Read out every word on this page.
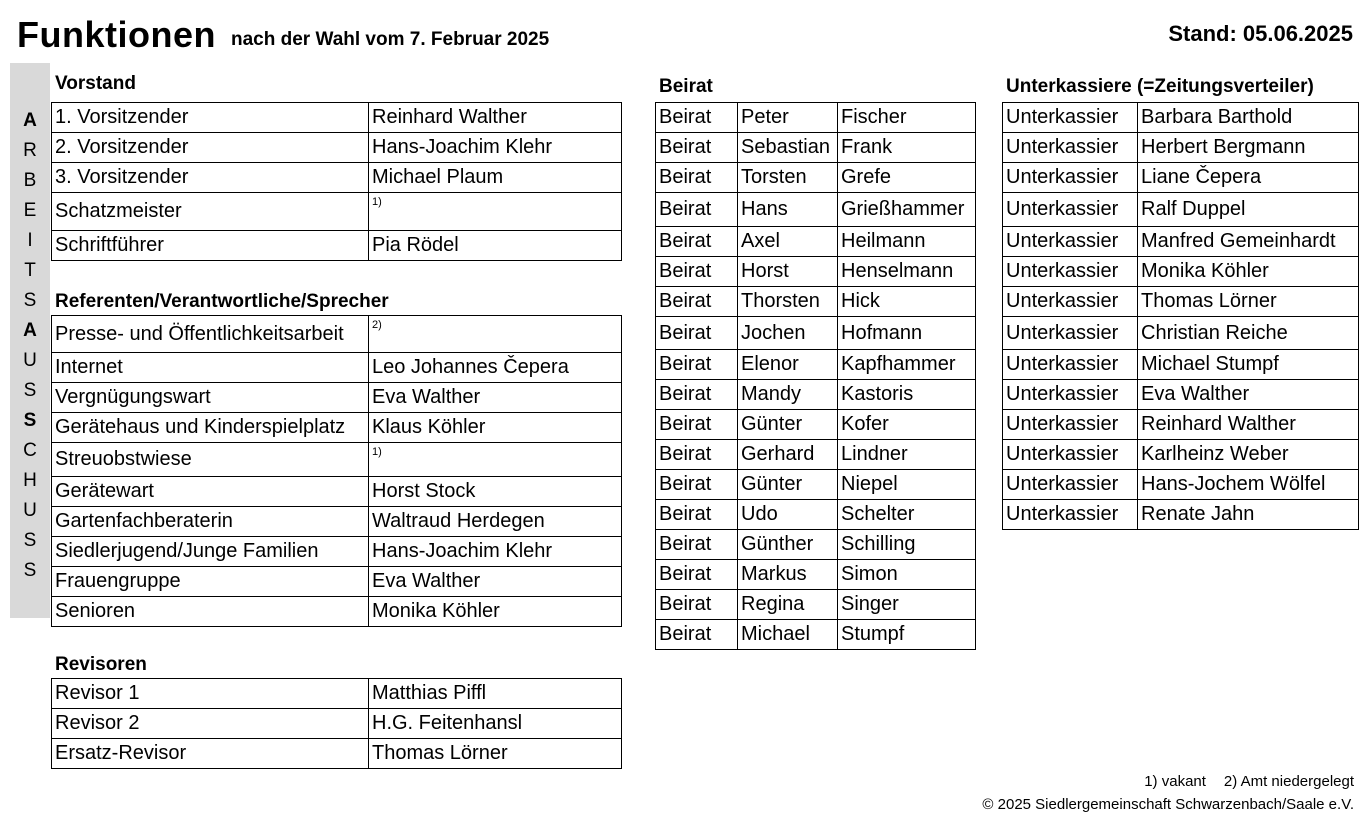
Funktionen nach der Wahl vom 7. Februar 2025	Stand: 05.06.2025
A
R
B
E
I
T
S
A
U
S
S
C
H
U
S
S
Vorstand
1. Vorsitzender	Reinhard Walther
2. Vorsitzender	Hans-Joachim Klehr
3. Vorsitzender	Michael Plaum
Schatzmeister	1)
Schriftführer	Pia Rödel
Referenten/Verantwortliche/Sprecher
Presse- und Öffentlichkeitsarbeit	2)
Internet	Leo Johannes Čepera
Vergnügungswart	Eva Walther
Gerätehaus und Kinderspielplatz	Klaus Köhler
Streuobstwiese	1)
Gerätewart	Horst Stock
Gartenfachberaterin	Waltraud Herdegen
Siedlerjugend/Junge Familien	Hans-Joachim Klehr
Frauengruppe	Eva Walther
Senioren	Monika Köhler
Revisoren
Revisor 1	Matthias Piffl
Revisor 2	H.G. Feitenhansl
Ersatz-Revisor	Thomas Lörner
Beirat
Beirat	Peter	Fischer
Beirat	Sebastian	Frank
Beirat	Torsten	Grefe
Beirat	Hans	Grießhammer
Beirat	Axel	Heilmann
Beirat	Horst	Henselmann
Beirat	Thorsten	Hick
Beirat	Jochen	Hofmann
Beirat	Elenor	Kapfhammer
Beirat	Mandy	Kastoris
Beirat	Günter	Kofer
Beirat	Gerhard	Lindner
Beirat	Günter	Niepel
Beirat	Udo	Schelter
Beirat	Günther	Schilling
Beirat	Markus	Simon
Beirat	Regina	Singer
Beirat	Michael	Stumpf
Unterkassiere (=Zeitungsverteiler)
Unterkassier	Barbara Barthold
Unterkassier	Herbert Bergmann
Unterkassier	Liane Čepera
Unterkassier	Ralf Duppel
Unterkassier	Manfred Gemeinhardt
Unterkassier	Monika Köhler
Unterkassier	Thomas Lörner
Unterkassier	Christian Reiche
Unterkassier	Michael Stumpf
Unterkassier	Eva Walther
Unterkassier	Reinhard Walther
Unterkassier	Karlheinz Weber
Unterkassier	Hans-Jochem Wölfel
Unterkassier	Renate Jahn
1) vakant 2) Amt niedergelegt
© 2025 Siedlergemeinschaft Schwarzenbach/Saale e.V.
